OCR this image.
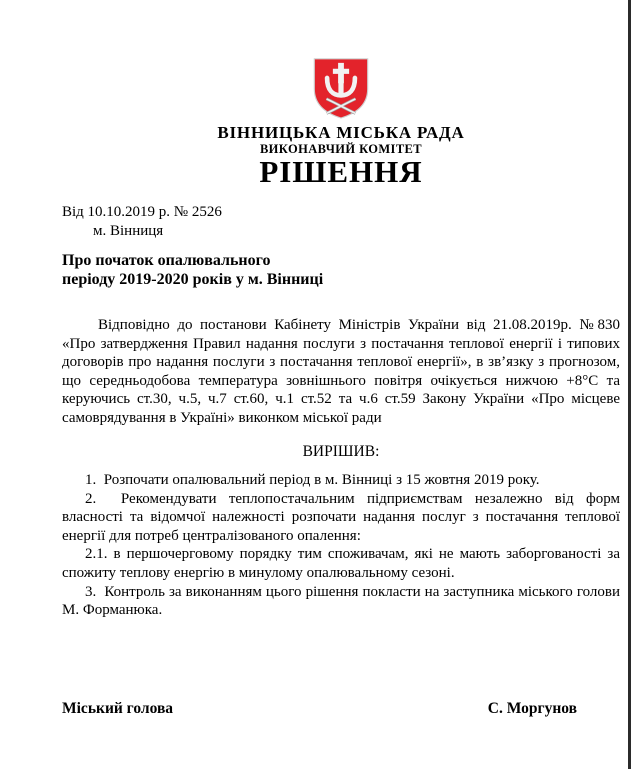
ВІННИЦЬКА МІСЬКА РАДА
ВИКОНАВЧИЙ КОМІТЕТ
РІШЕННЯ
Від 10.10.2019 р. № 2526
м. Вінниця
Про початок опалювального
періоду 2019-2020 років у м. Вінниці

Відповідно до постанови Кабінету Міністрів України від 21.08.2019р. №830 «Про затвердження Правил надання послуги з постачання теплової енергії і типових договорів про надання послуги з постачання теплової енергії», в зв’язку з прогнозом, що середньодобова температура зовнішнього повітря очікується нижчою +8°С та керуючись ст.30, ч.5, ч.7 ст.60, ч.1 ст.52 та ч.6 ст.59 Закону України «Про місцеве самоврядування в Україні» виконком міської ради

ВИРІШИВ:

1.  Розпочати опалювальний період в м. Вінниці з 15 жовтня 2019 року.

2.  Рекомендувати теплопостачальним підприємствам незалежно від форм власності та відомчої належності розпочати надання послуг з постачання теплової енергії для потреб централізованого опалення:

2.1. в першочерговому порядку тим споживачам, які не мають заборгованості за спожиту теплову енергію в минулому опалювальному сезоні.

3.  Контроль за виконанням цього рішення покласти на заступника міського голови М. Форманюка.

Міський голова	С. Моргунов
